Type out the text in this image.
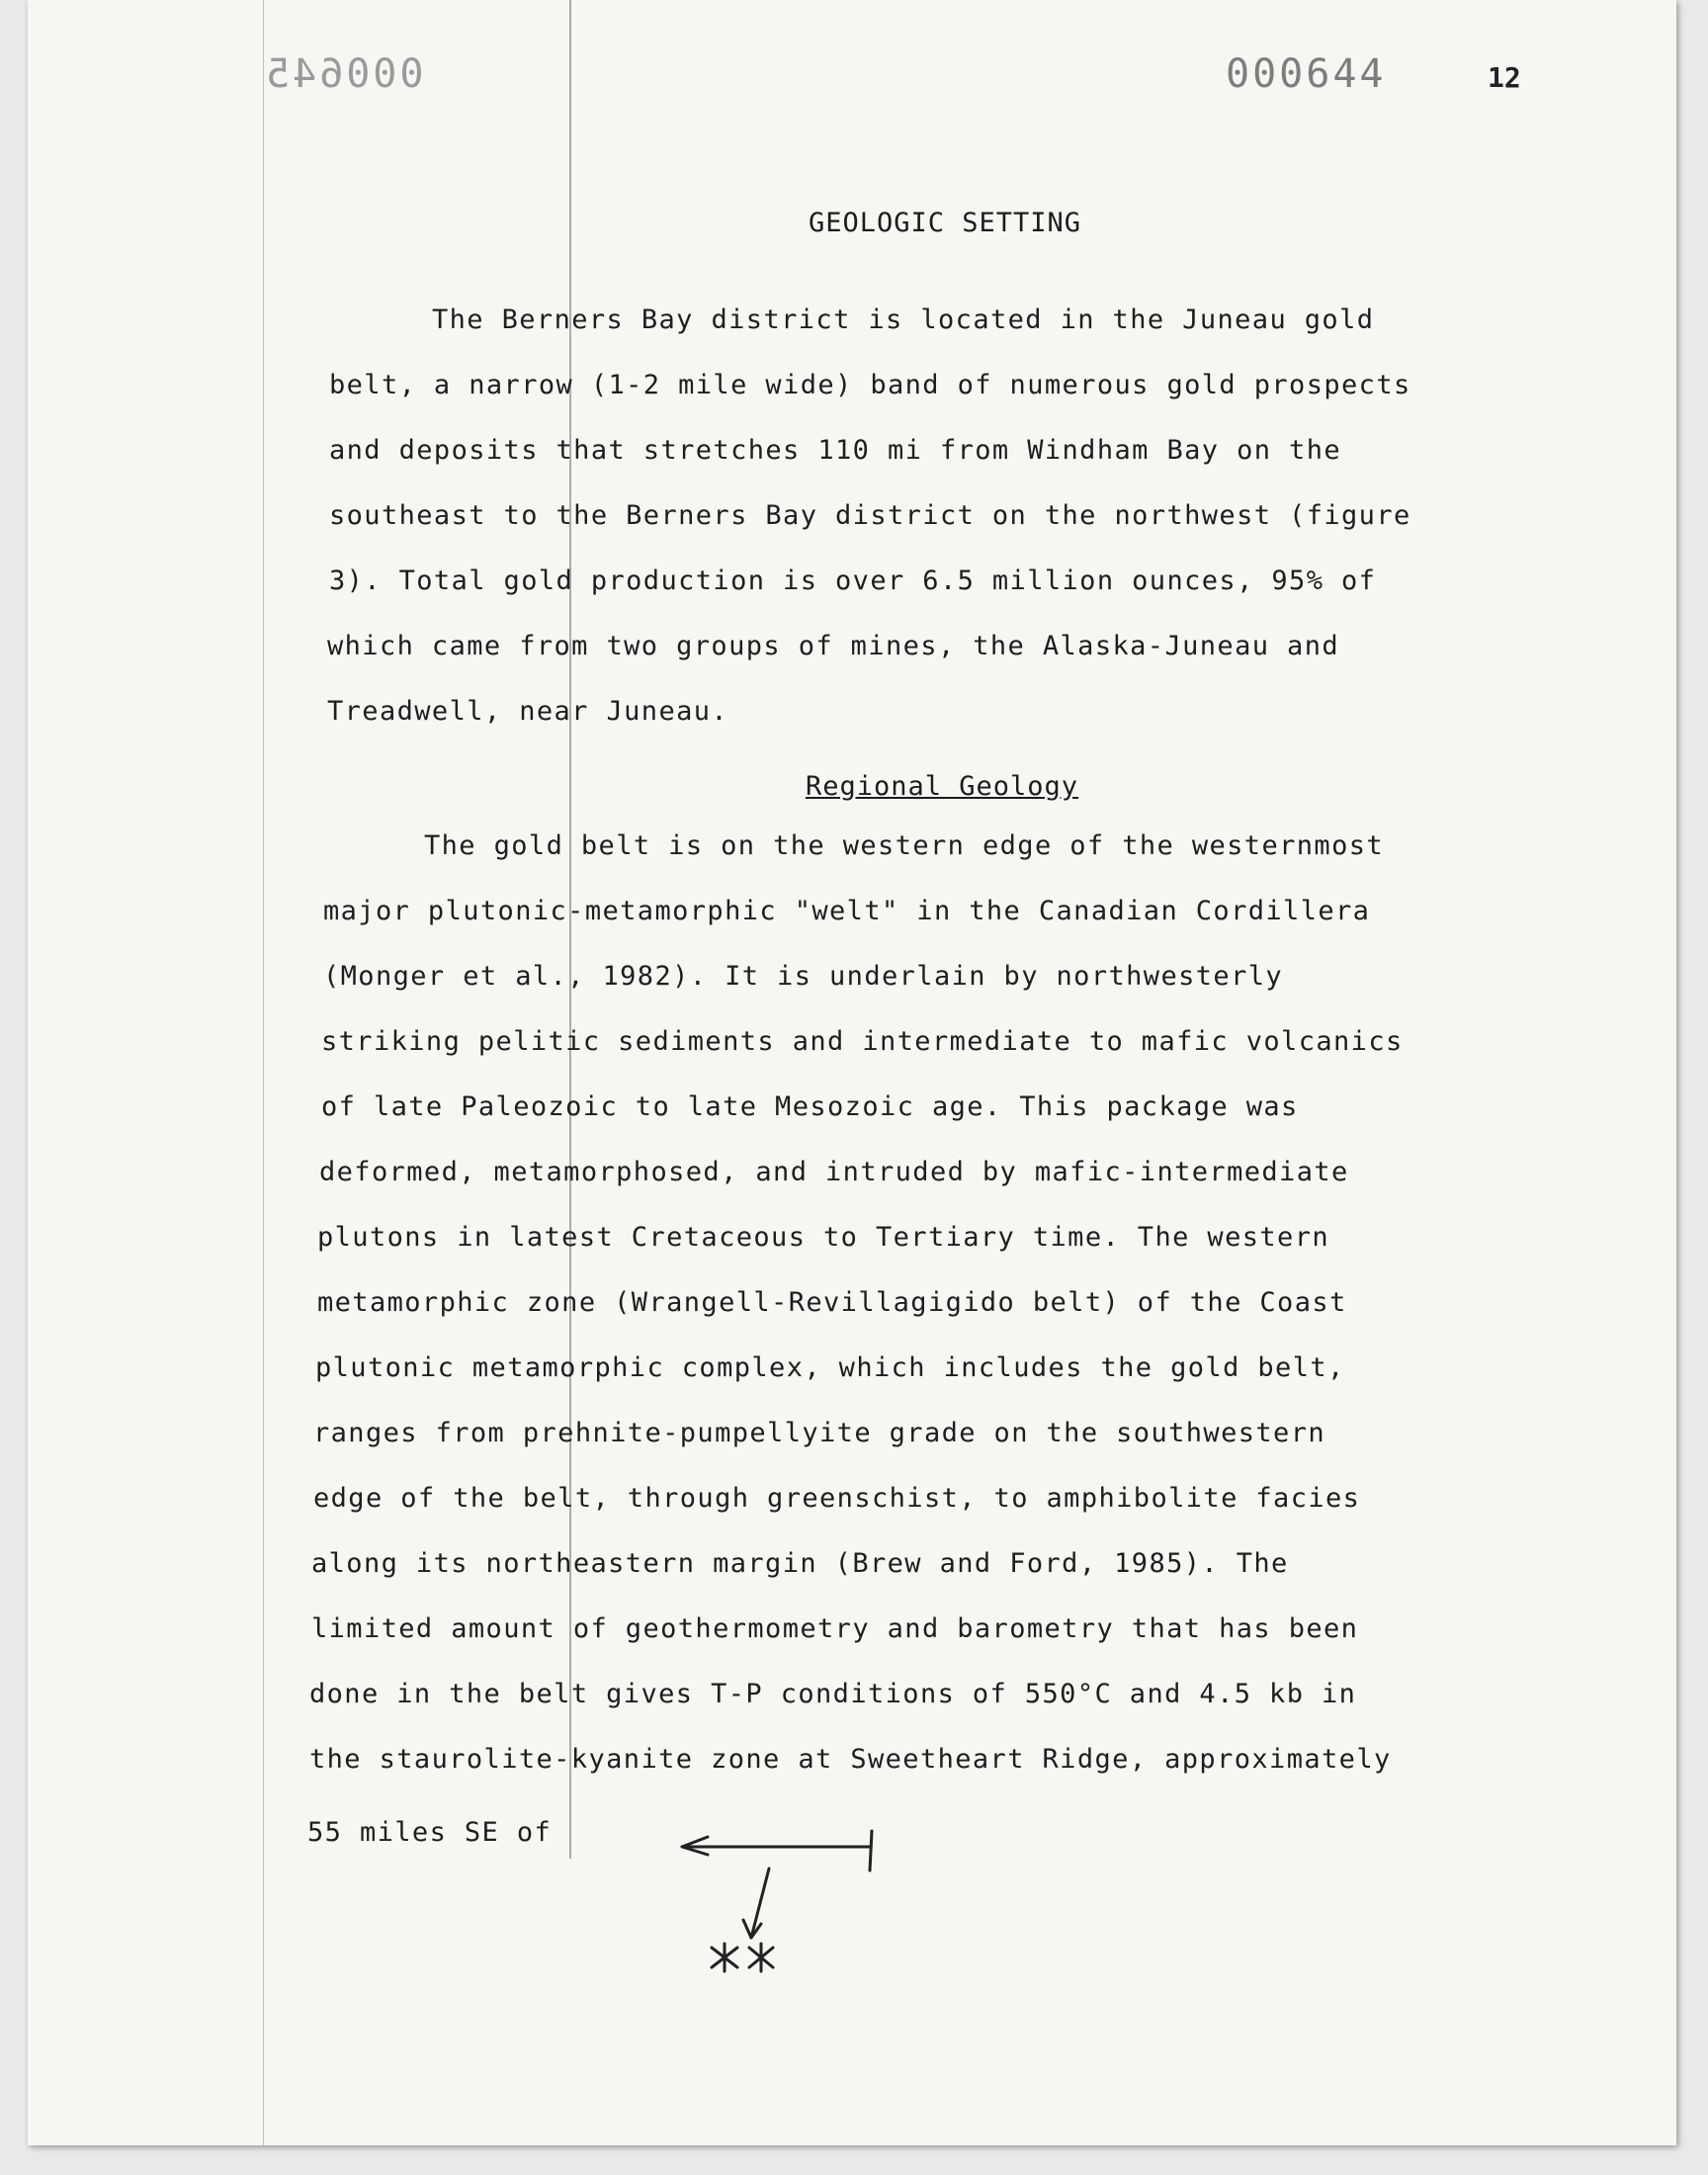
000645	000644	12
GEOLOGIC SETTING
The Berners Bay district is located in the Juneau gold
belt, a narrow (1-2 mile wide) band of numerous gold prospects
and deposits that stretches 110 mi from Windham Bay on the
southeast to the Berners Bay district on the northwest (figure
3). Total gold production is over 6.5 million ounces, 95% of
which came from two groups of mines, the Alaska-Juneau and
Treadwell, near Juneau.
Regional Geology
The gold belt is on the western edge of the westernmost
major plutonic-metamorphic "welt" in the Canadian Cordillera
(Monger et al., 1982). It is underlain by northwesterly
striking pelitic sediments and intermediate to mafic volcanics
of late Paleozoic to late Mesozoic age. This package was
deformed, metamorphosed, and intruded by mafic-intermediate
plutons in latest Cretaceous to Tertiary time. The western
metamorphic zone (Wrangell-Revillagigido belt) of the Coast
plutonic metamorphic complex, which includes the gold belt,
ranges from prehnite-pumpellyite grade on the southwestern
edge of the belt, through greenschist, to amphibolite facies
along its northeastern margin (Brew and Ford, 1985). The
limited amount of geothermometry and barometry that has been
done in the belt gives T-P conditions of 550°C and 4.5 kb in
the staurolite-kyanite zone at Sweetheart Ridge, approximately
55 miles SE of
